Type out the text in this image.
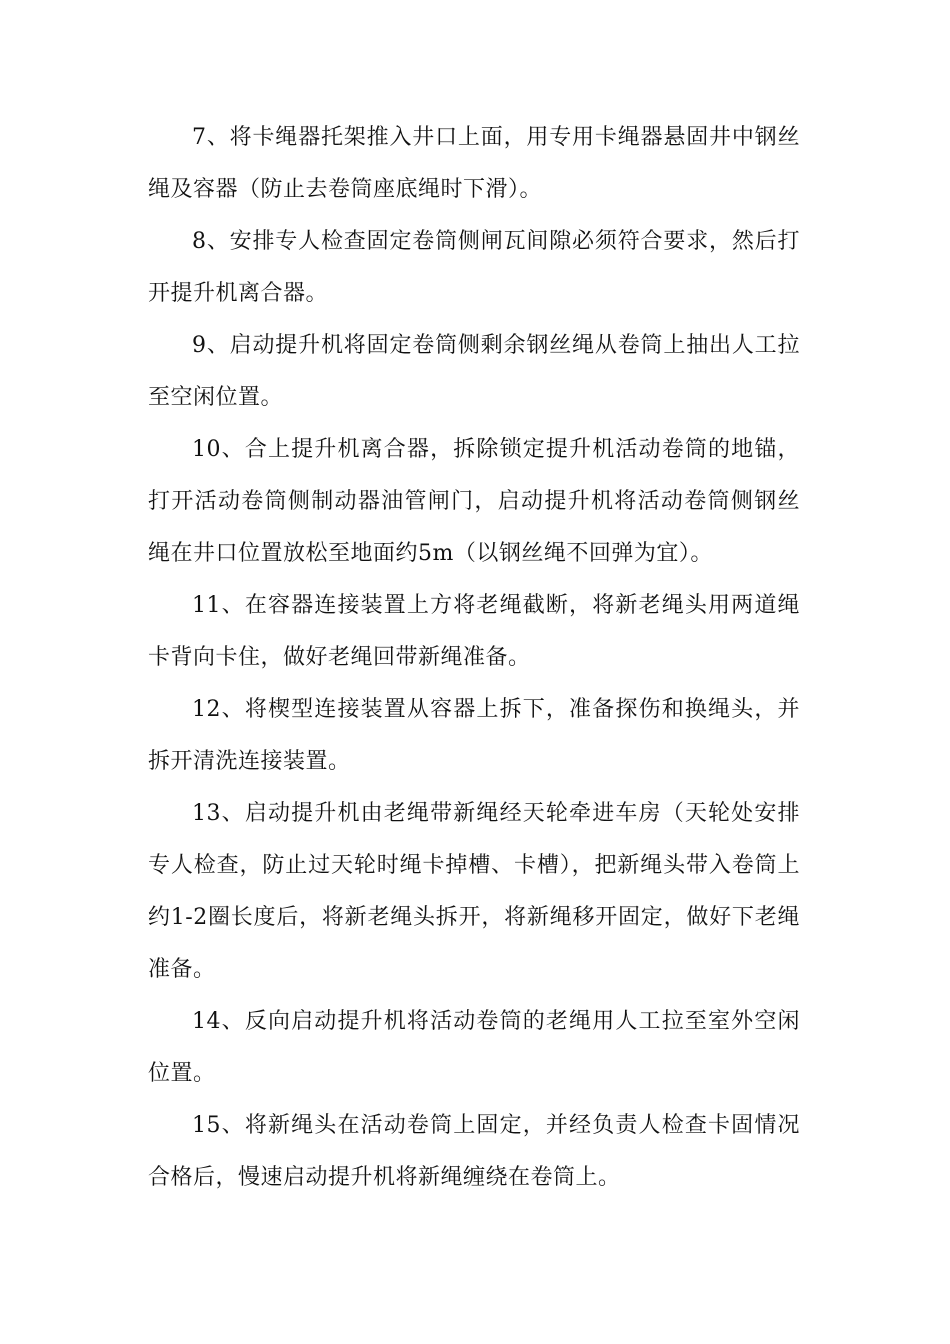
7、将卡绳器托架推入井口上面，用专用卡绳器悬固井中钢丝绳及容器（防止去卷筒座底绳时下滑）。

8、安排专人检查固定卷筒侧闸瓦间隙必须符合要求，然后打开提升机离合器。

9、启动提升机将固定卷筒侧剩余钢丝绳从卷筒上抽出人工拉至空闲位置。

10、合上提升机离合器，拆除锁定提升机活动卷筒的地锚，打开活动卷筒侧制动器油管闸门，启动提升机将活动卷筒侧钢丝绳在井口位置放松至地面约5m（以钢丝绳不回弹为宜）。

11、在容器连接装置上方将老绳截断，将新老绳头用两道绳卡背向卡住，做好老绳回带新绳准备。

12、将楔型连接装置从容器上拆下，准备探伤和换绳头，并拆开清洗连接装置。

13、启动提升机由老绳带新绳经天轮牵进车房（天轮处安排专人检查，防止过天轮时绳卡掉槽、卡槽），把新绳头带入卷筒上约1-2圈长度后，将新老绳头拆开，将新绳移开固定，做好下老绳准备。

14、反向启动提升机将活动卷筒的老绳用人工拉至室外空闲位置。

15、将新绳头在活动卷筒上固定，并经负责人检查卡固情况合格后，慢速启动提升机将新绳缠绕在卷筒上。
